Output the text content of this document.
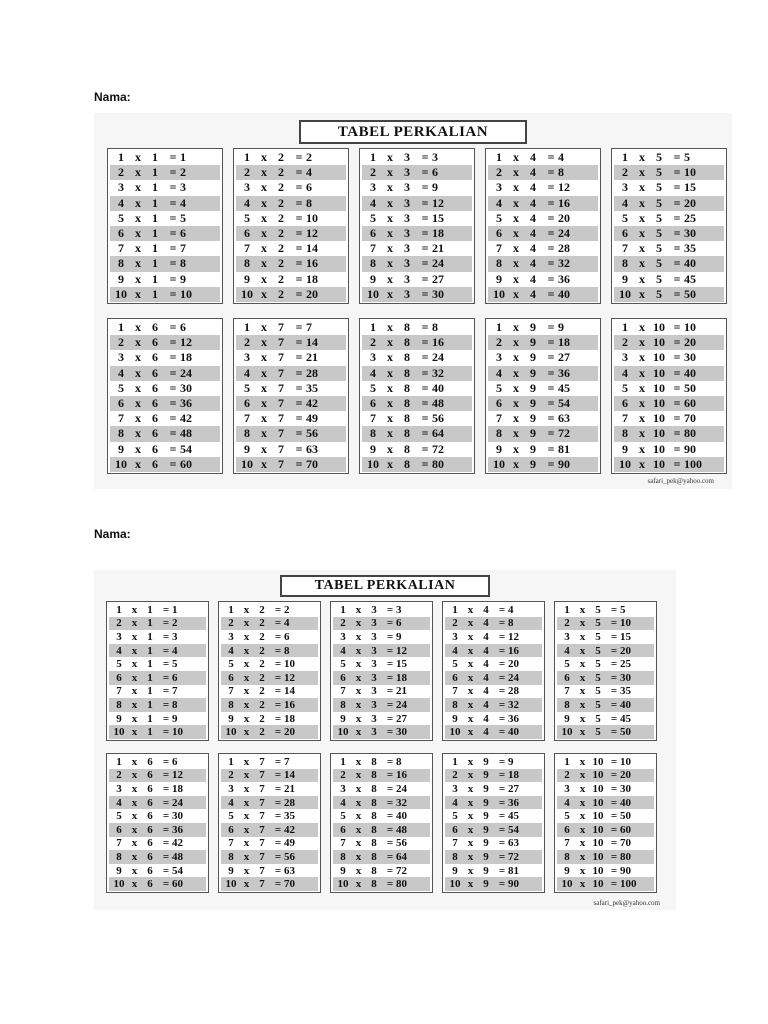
Nama:
TABEL PERKALIAN
1 x 1 = 1
2 x 1 = 2
3 x 1 = 3
4 x 1 = 4
5 x 1 = 5
6 x 1 = 6
7 x 1 = 7
8 x 1 = 8
9 x 1 = 9
10 x 1 = 10
1 x 2 = 2
2 x 2 = 4
3 x 2 = 6
4 x 2 = 8
5 x 2 = 10
6 x 2 = 12
7 x 2 = 14
8 x 2 = 16
9 x 2 = 18
10 x 2 = 20
1 x 3 = 3
2 x 3 = 6
3 x 3 = 9
4 x 3 = 12
5 x 3 = 15
6 x 3 = 18
7 x 3 = 21
8 x 3 = 24
9 x 3 = 27
10 x 3 = 30
1 x 4 = 4
2 x 4 = 8
3 x 4 = 12
4 x 4 = 16
5 x 4 = 20
6 x 4 = 24
7 x 4 = 28
8 x 4 = 32
9 x 4 = 36
10 x 4 = 40
1 x 5 = 5
2 x 5 = 10
3 x 5 = 15
4 x 5 = 20
5 x 5 = 25
6 x 5 = 30
7 x 5 = 35
8 x 5 = 40
9 x 5 = 45
10 x 5 = 50
1 x 6 = 6
2 x 6 = 12
3 x 6 = 18
4 x 6 = 24
5 x 6 = 30
6 x 6 = 36
7 x 6 = 42
8 x 6 = 48
9 x 6 = 54
10 x 6 = 60
1 x 7 = 7
2 x 7 = 14
3 x 7 = 21
4 x 7 = 28
5 x 7 = 35
6 x 7 = 42
7 x 7 = 49
8 x 7 = 56
9 x 7 = 63
10 x 7 = 70
1 x 8 = 8
2 x 8 = 16
3 x 8 = 24
4 x 8 = 32
5 x 8 = 40
6 x 8 = 48
7 x 8 = 56
8 x 8 = 64
9 x 8 = 72
10 x 8 = 80
1 x 9 = 9
2 x 9 = 18
3 x 9 = 27
4 x 9 = 36
5 x 9 = 45
6 x 9 = 54
7 x 9 = 63
8 x 9 = 72
9 x 9 = 81
10 x 9 = 90
1 x 10 = 10
2 x 10 = 20
3 x 10 = 30
4 x 10 = 40
5 x 10 = 50
6 x 10 = 60
7 x 10 = 70
8 x 10 = 80
9 x 10 = 90
10 x 10 = 100
safari_pek@yahoo.com
Nama:
TABEL PERKALIAN
1 x 1 = 1
2 x 1 = 2
3 x 1 = 3
4 x 1 = 4
5 x 1 = 5
6 x 1 = 6
7 x 1 = 7
8 x 1 = 8
9 x 1 = 9
10 x 1 = 10
1 x 2 = 2
2 x 2 = 4
3 x 2 = 6
4 x 2 = 8
5 x 2 = 10
6 x 2 = 12
7 x 2 = 14
8 x 2 = 16
9 x 2 = 18
10 x 2 = 20
1 x 3 = 3
2 x 3 = 6
3 x 3 = 9
4 x 3 = 12
5 x 3 = 15
6 x 3 = 18
7 x 3 = 21
8 x 3 = 24
9 x 3 = 27
10 x 3 = 30
1 x 4 = 4
2 x 4 = 8
3 x 4 = 12
4 x 4 = 16
5 x 4 = 20
6 x 4 = 24
7 x 4 = 28
8 x 4 = 32
9 x 4 = 36
10 x 4 = 40
1 x 5 = 5
2 x 5 = 10
3 x 5 = 15
4 x 5 = 20
5 x 5 = 25
6 x 5 = 30
7 x 5 = 35
8 x 5 = 40
9 x 5 = 45
10 x 5 = 50
1 x 6 = 6
2 x 6 = 12
3 x 6 = 18
4 x 6 = 24
5 x 6 = 30
6 x 6 = 36
7 x 6 = 42
8 x 6 = 48
9 x 6 = 54
10 x 6 = 60
1 x 7 = 7
2 x 7 = 14
3 x 7 = 21
4 x 7 = 28
5 x 7 = 35
6 x 7 = 42
7 x 7 = 49
8 x 7 = 56
9 x 7 = 63
10 x 7 = 70
1 x 8 = 8
2 x 8 = 16
3 x 8 = 24
4 x 8 = 32
5 x 8 = 40
6 x 8 = 48
7 x 8 = 56
8 x 8 = 64
9 x 8 = 72
10 x 8 = 80
1 x 9 = 9
2 x 9 = 18
3 x 9 = 27
4 x 9 = 36
5 x 9 = 45
6 x 9 = 54
7 x 9 = 63
8 x 9 = 72
9 x 9 = 81
10 x 9 = 90
1 x 10 = 10
2 x 10 = 20
3 x 10 = 30
4 x 10 = 40
5 x 10 = 50
6 x 10 = 60
7 x 10 = 70
8 x 10 = 80
9 x 10 = 90
10 x 10 = 100
safari_pek@yahoo.com
